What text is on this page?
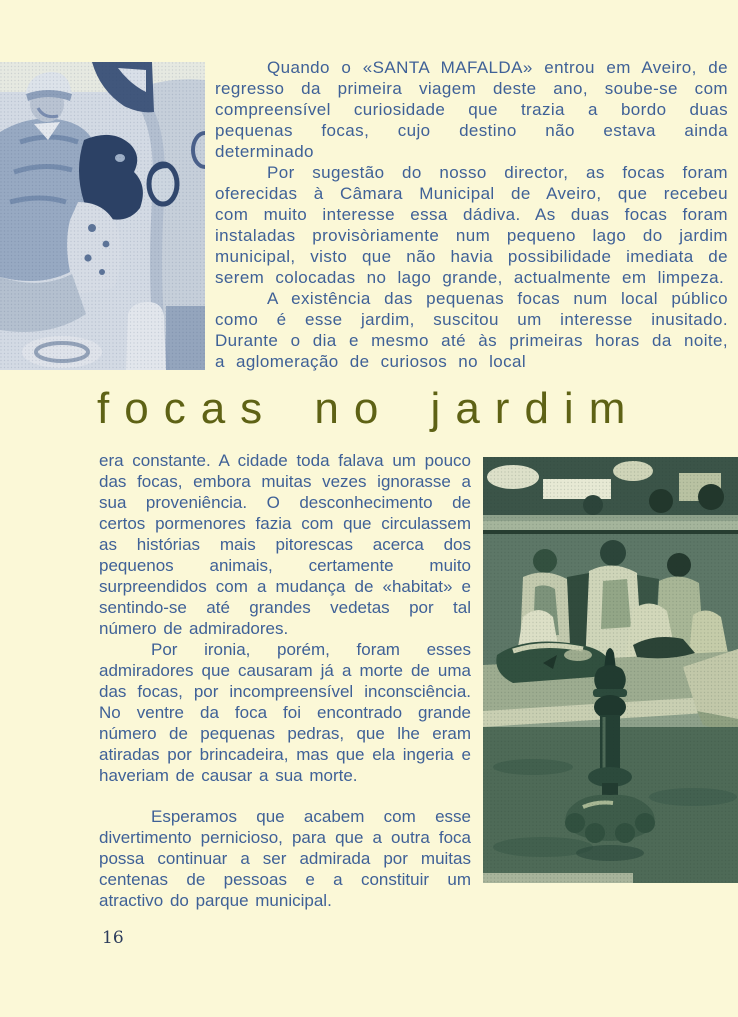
Quando o «SANTA MAFALDA» entrou em Aveiro, de regresso da primeira viagem deste ano, soube-se com compreensível curiosidade que trazia a bordo duas pequenas focas, cujo destino não estava ainda determinado

Por sugestão do nosso director, as focas foram oferecidas à Câmara Municipal de Aveiro, que recebeu com muito interesse essa dádiva. As duas focas foram instaladas provisòriamente num pequeno lago do jardim municipal, visto que não havia possibilidade imediata de serem colocadas no lago grande, actualmente em limpeza.

A existência das pequenas focas num local público como é esse jardim, suscitou um interesse inusitado. Durante o dia e mesmo até às primeiras horas da noite, a aglomeração de curiosos no local

focas no jardim

era constante. A cidade toda falava um pouco das focas, embora muitas vezes ignorasse a sua proveniência. O desconhecimento de certos pormenores fazia com que circulassem as histórias mais pitorescas acerca dos pequenos animais, certamente muito surpreendidos com a mudança de «habitat» e sentindo-se até grandes vedetas por tal número de admiradores.

Por ironia, porém, foram esses admiradores que causaram já a morte de uma das focas, por incompreensível inconsciência. No ventre da foca foi encontrado grande número de pequenas pedras, que lhe eram atiradas por brincadeira, mas que ela ingeria e haveriam de causar a sua morte.

Esperamos que acabem com esse divertimento pernicioso, para que a outra foca possa continuar a ser admirada por muitas centenas de pessoas e a constituir um atractivo do parque municipal.

16
